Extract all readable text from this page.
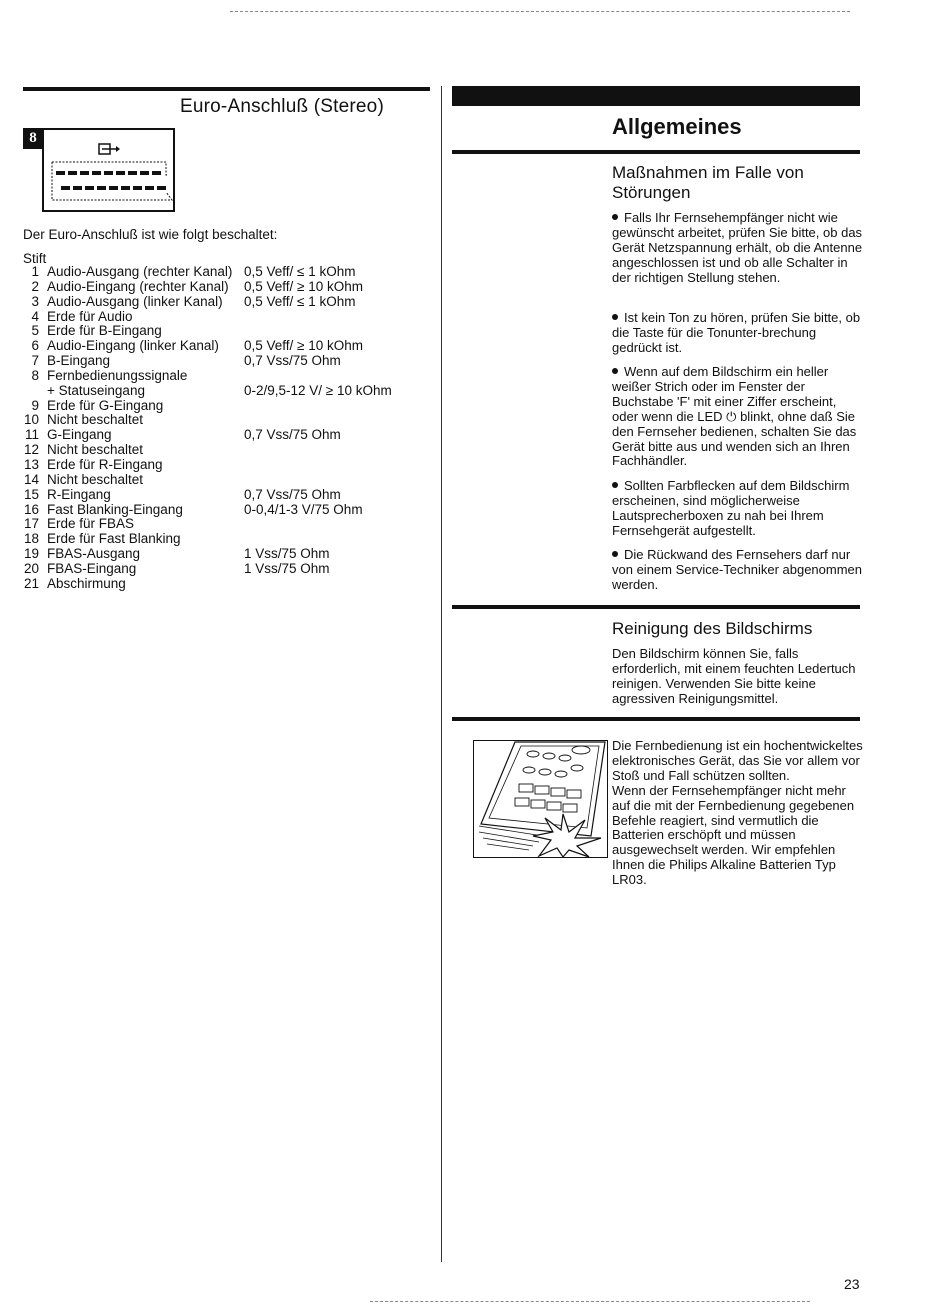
Euro-Anschluß (Stereo)
8
Der Euro-Anschluß ist wie folgt beschaltet:
Stift
1 Audio-Ausgang (rechter Kanal) 0,5 Veff/ ≤ 1 kOhm
2 Audio-Eingang (rechter Kanal) 0,5 Veff/ ≥ 10 kOhm
3 Audio-Ausgang (linker Kanal) 0,5 Veff/ ≤ 1 kOhm
4 Erde für Audio
5 Erde für B-Eingang
6 Audio-Eingang (linker Kanal) 0,5 Veff/ ≥ 10 kOhm
7 B-Eingang	0,7 Vss/75 Ohm
8 Fernbedienungssignale
+ Statuseingang	0-2/9,5-12 V/ ≥ 10 kOhm
9 Erde für G-Eingang
10 Nicht beschaltet
11 G-Eingang	0,7 Vss/75 Ohm
12 Nicht beschaltet
13 Erde für R-Eingang
14 Nicht beschaltet
15 R-Eingang	0,7 Vss/75 Ohm
16 Fast Blanking-Eingang	0-0,4/1-3 V/75 Ohm
17 Erde für FBAS
18 Erde für Fast Blanking
19 FBAS-Ausgang	1 Vss/75 Ohm
20 FBAS-Eingang	1 Vss/75 Ohm
21 Abschirmung
Allgemeines
Maßnahmen im Falle von
Störungen
Falls Ihr Fernsehempfänger nicht wie gewünscht arbeitet, prüfen Sie bitte, ob das Gerät Netzspannung erhält, ob die Antenne angeschlossen ist und ob alle Schalter in der richtigen Stellung stehen.
Ist kein Ton zu hören, prüfen Sie bitte, ob die Taste für die Tonunter-brechung gedrückt ist.
Wenn auf dem Bildschirm ein heller weißer Strich oder im Fenster der Buchstabe 'F' mit einer Ziffer erscheint, oder wenn die LED ⏻ blinkt, ohne daß Sie den Fernseher bedienen, schalten Sie das Gerät bitte aus und wenden sich an Ihren Fachhändler.
Sollten Farbflecken auf dem Bildschirm erscheinen, sind möglicherweise Lautsprecherboxen zu nah bei Ihrem Fernsehgerät aufgestellt.
Die Rückwand des Fernsehers darf nur von einem Service-Techniker abgenommen werden.
Reinigung des Bildschirms
Den Bildschirm können Sie, falls erforderlich, mit einem feuchten Ledertuch reinigen. Verwenden Sie bitte keine agressiven Reinigungsmittel.
Die Fernbedienung ist ein hochentwickeltes elektronisches Gerät, das Sie vor allem vor Stoß und Fall schützen sollten.
Wenn der Fernsehempfänger nicht mehr auf die mit der Fernbedienung gegebenen Befehle reagiert, sind vermutlich die Batterien erschöpft und müssen ausgewechselt werden. Wir empfehlen Ihnen die Philips Alkaline Batterien Typ LR03.
23
